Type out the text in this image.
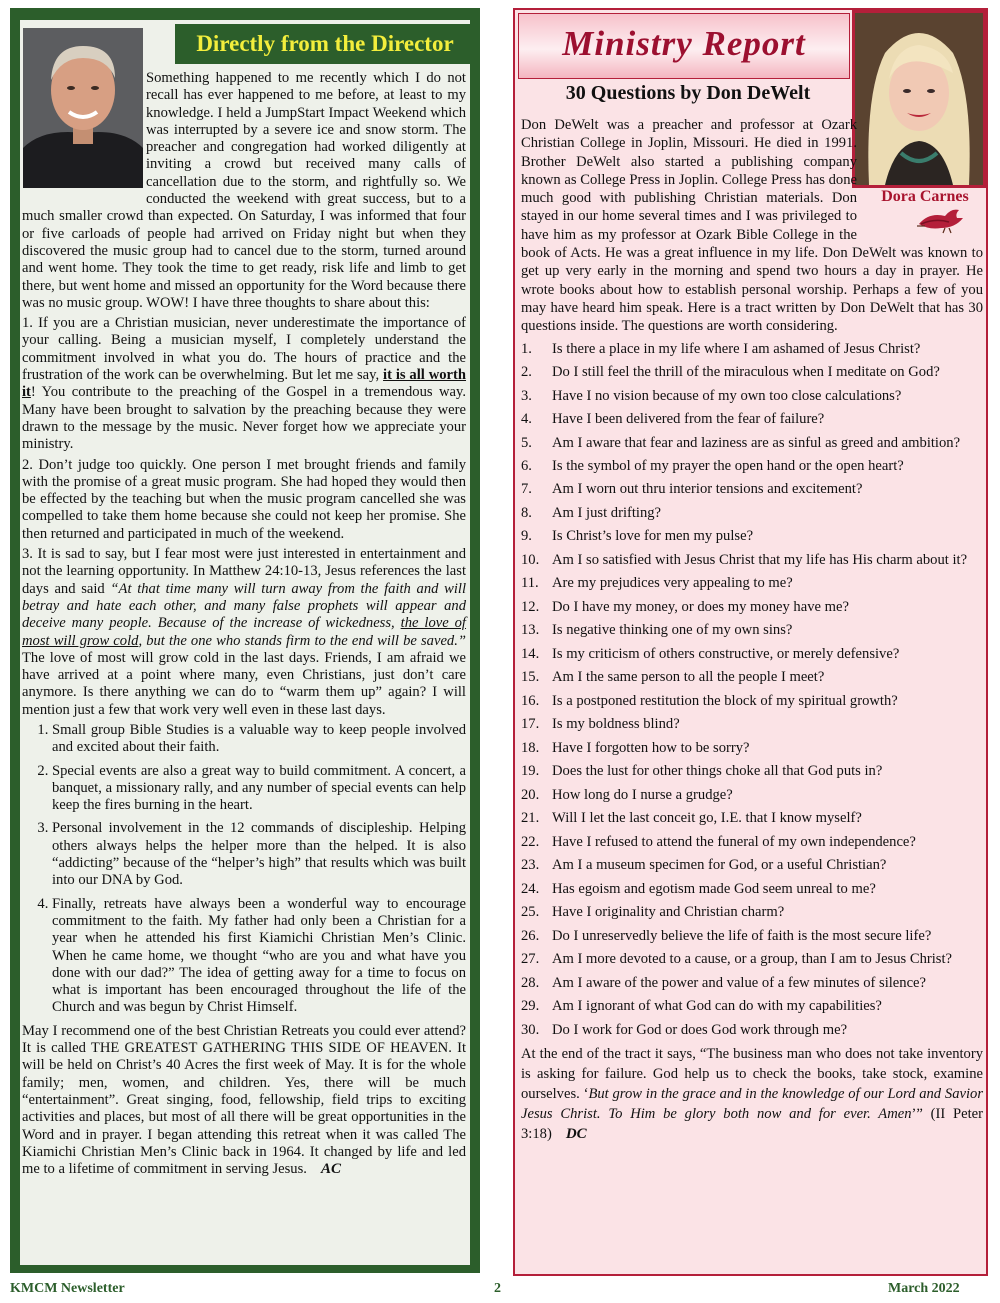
Directly from the Director

Something happened to me recently which I do not recall has ever happened to me before, at least to my knowledge. I held a JumpStart Impact Weekend which was interrupted by a severe ice and snow storm. The preacher and congregation had worked diligently at inviting a crowd but received many calls of cancellation due to the storm, and rightfully so. We conducted the weekend with great success, but to a much smaller crowd than expected. On Saturday, I was informed that four or five carloads of people had arrived on Friday night but when they discovered the music group had to cancel due to the storm, turned around and went home. They took the time to get ready, risk life and limb to get there, but went home and missed an opportunity for the Word because there was no music group. WOW! I have three thoughts to share about this:

1. If you are a Christian musician, never underestimate the importance of your calling. Being a musician myself, I completely understand the commitment involved in what you do. The hours of practice and the frustration of the work can be overwhelming. But let me say, it is all worth it! You contribute to the preaching of the Gospel in a tremendous way. Many have been brought to salvation by the preaching because they were drawn to the message by the music. Never forget how we appreciate your ministry.

2. Don’t judge too quickly. One person I met brought friends and family with the promise of a great music program. She had hoped they would then be effected by the teaching but when the music program cancelled she was compelled to take them home because she could not keep her promise. She then returned and participated in much of the weekend.

3. It is sad to say, but I fear most were just interested in entertainment and not the learning opportunity. In Matthew 24:10-13, Jesus references the last days and said “At that time many will turn away from the faith and will betray and hate each other, and many false prophets will appear and deceive many people. Because of the increase of wickedness, the love of most will grow cold, but the one who stands firm to the end will be saved.” The love of most will grow cold in the last days. Friends, I am afraid we have arrived at a point where many, even Christians, just don’t care anymore. Is there anything we can do to “warm them up” again? I will mention just a few that work very well even in these last days.

1. Small group Bible Studies is a valuable way to keep people involved and excited about their faith.
2. Special events are also a great way to build commitment. A concert, a banquet, a missionary rally, and any number of special events can help keep the fires burning in the heart.
3. Personal involvement in the 12 commands of discipleship. Helping others always helps the helper more than the helped. It is also “addicting” because of the “helper’s high” that results which was built into our DNA by God.
4. Finally, retreats have always been a wonderful way to encourage commitment to the faith. My father had only been a Christian for a year when he attended his first Kiamichi Christian Men’s Clinic. When he came home, we thought “who are you and what have you done with our dad?” The idea of getting away for a time to focus on what is important has been encouraged throughout the life of the Church and was begun by Christ Himself.

May I recommend one of the best Christian Retreats you could ever attend? It is called THE GREATEST GATHERING THIS SIDE OF HEAVEN. It will be held on Christ’s 40 Acres the first week of May. It is for the whole family; men, women, and children. Yes, there will be much “entertainment”. Great singing, food, fellowship, field trips to exciting activities and places, but most of all there will be great opportunities in the Word and in prayer. I began attending this retreat when it was called The Kiamichi Christian Men’s Clinic back in 1964. It changed by life and led me to a lifetime of commitment in serving Jesus. AC

Ministry Report
Dora Carnes
30 Questions by Don DeWelt

Don DeWelt was a preacher and professor at Ozark Christian College in Joplin, Missouri. He died in 1991. Brother DeWelt also started a publishing company known as College Press in Joplin. College Press has done much good with publishing Christian materials. Don stayed in our home several times and I was privileged to have him as my professor at Ozark Bible College in the book of Acts. He was a great influence in my life. Don DeWelt was known to get up very early in the morning and spend two hours a day in prayer. He wrote books about how to establish personal worship. Perhaps a few of you may have heard him speak. Here is a tract written by Don DeWelt that has 30 questions inside. The questions are worth considering.

1.	Is there a place in my life where I am ashamed of Jesus Christ?
2.	Do I still feel the thrill of the miraculous when I meditate on God?
3.	Have I no vision because of my own too close calculations?
4.	Have I been delivered from the fear of failure?
5.	Am I aware that fear and laziness are as sinful as greed and ambition?
6.	Is the symbol of my prayer the open hand or the open heart?
7.	Am I worn out thru interior tensions and excitement?
8.	Am I just drifting?
9.	Is Christ’s love for men my pulse?
10. Am I so satisfied with Jesus Christ that my life has His charm about it?
11. Are my prejudices very appealing to me?
12. Do I have my money, or does my money have me?
13. Is negative thinking one of my own sins?
14. Is my criticism of others constructive, or merely defensive?
15. Am I the same person to all the people I meet?
16. Is a postponed restitution the block of my spiritual growth?
17. Is my boldness blind?
18. Have I forgotten how to be sorry?
19. Does the lust for other things choke all that God puts in?
20. How long do I nurse a grudge?
21. Will I let the last conceit go, I.E. that I know myself?
22. Have I refused to attend the funeral of my own independence?
23. Am I a museum specimen for God, or a useful Christian?
24. Has egoism and egotism made God seem unreal to me?
25. Have I originality and Christian charm?
26. Do I unreservedly believe the life of faith is the most secure life?
27. Am I more devoted to a cause, or a group, than I am to Jesus Christ?
28. Am I aware of the power and value of a few minutes of silence?
29. Am I ignorant of what God can do with my capabilities?
30. Do I work for God or does God work through me?

At the end of the tract it says, “The business man who does not take inventory is asking for failure. God help us to check the books, take stock, examine ourselves. ‘But grow in the grace and in the knowledge of our Lord and Savior Jesus Christ. To Him be glory both now and for ever. Amen’” (II Peter 3:18) DC

KMCM Newsletter	2	March 2022
